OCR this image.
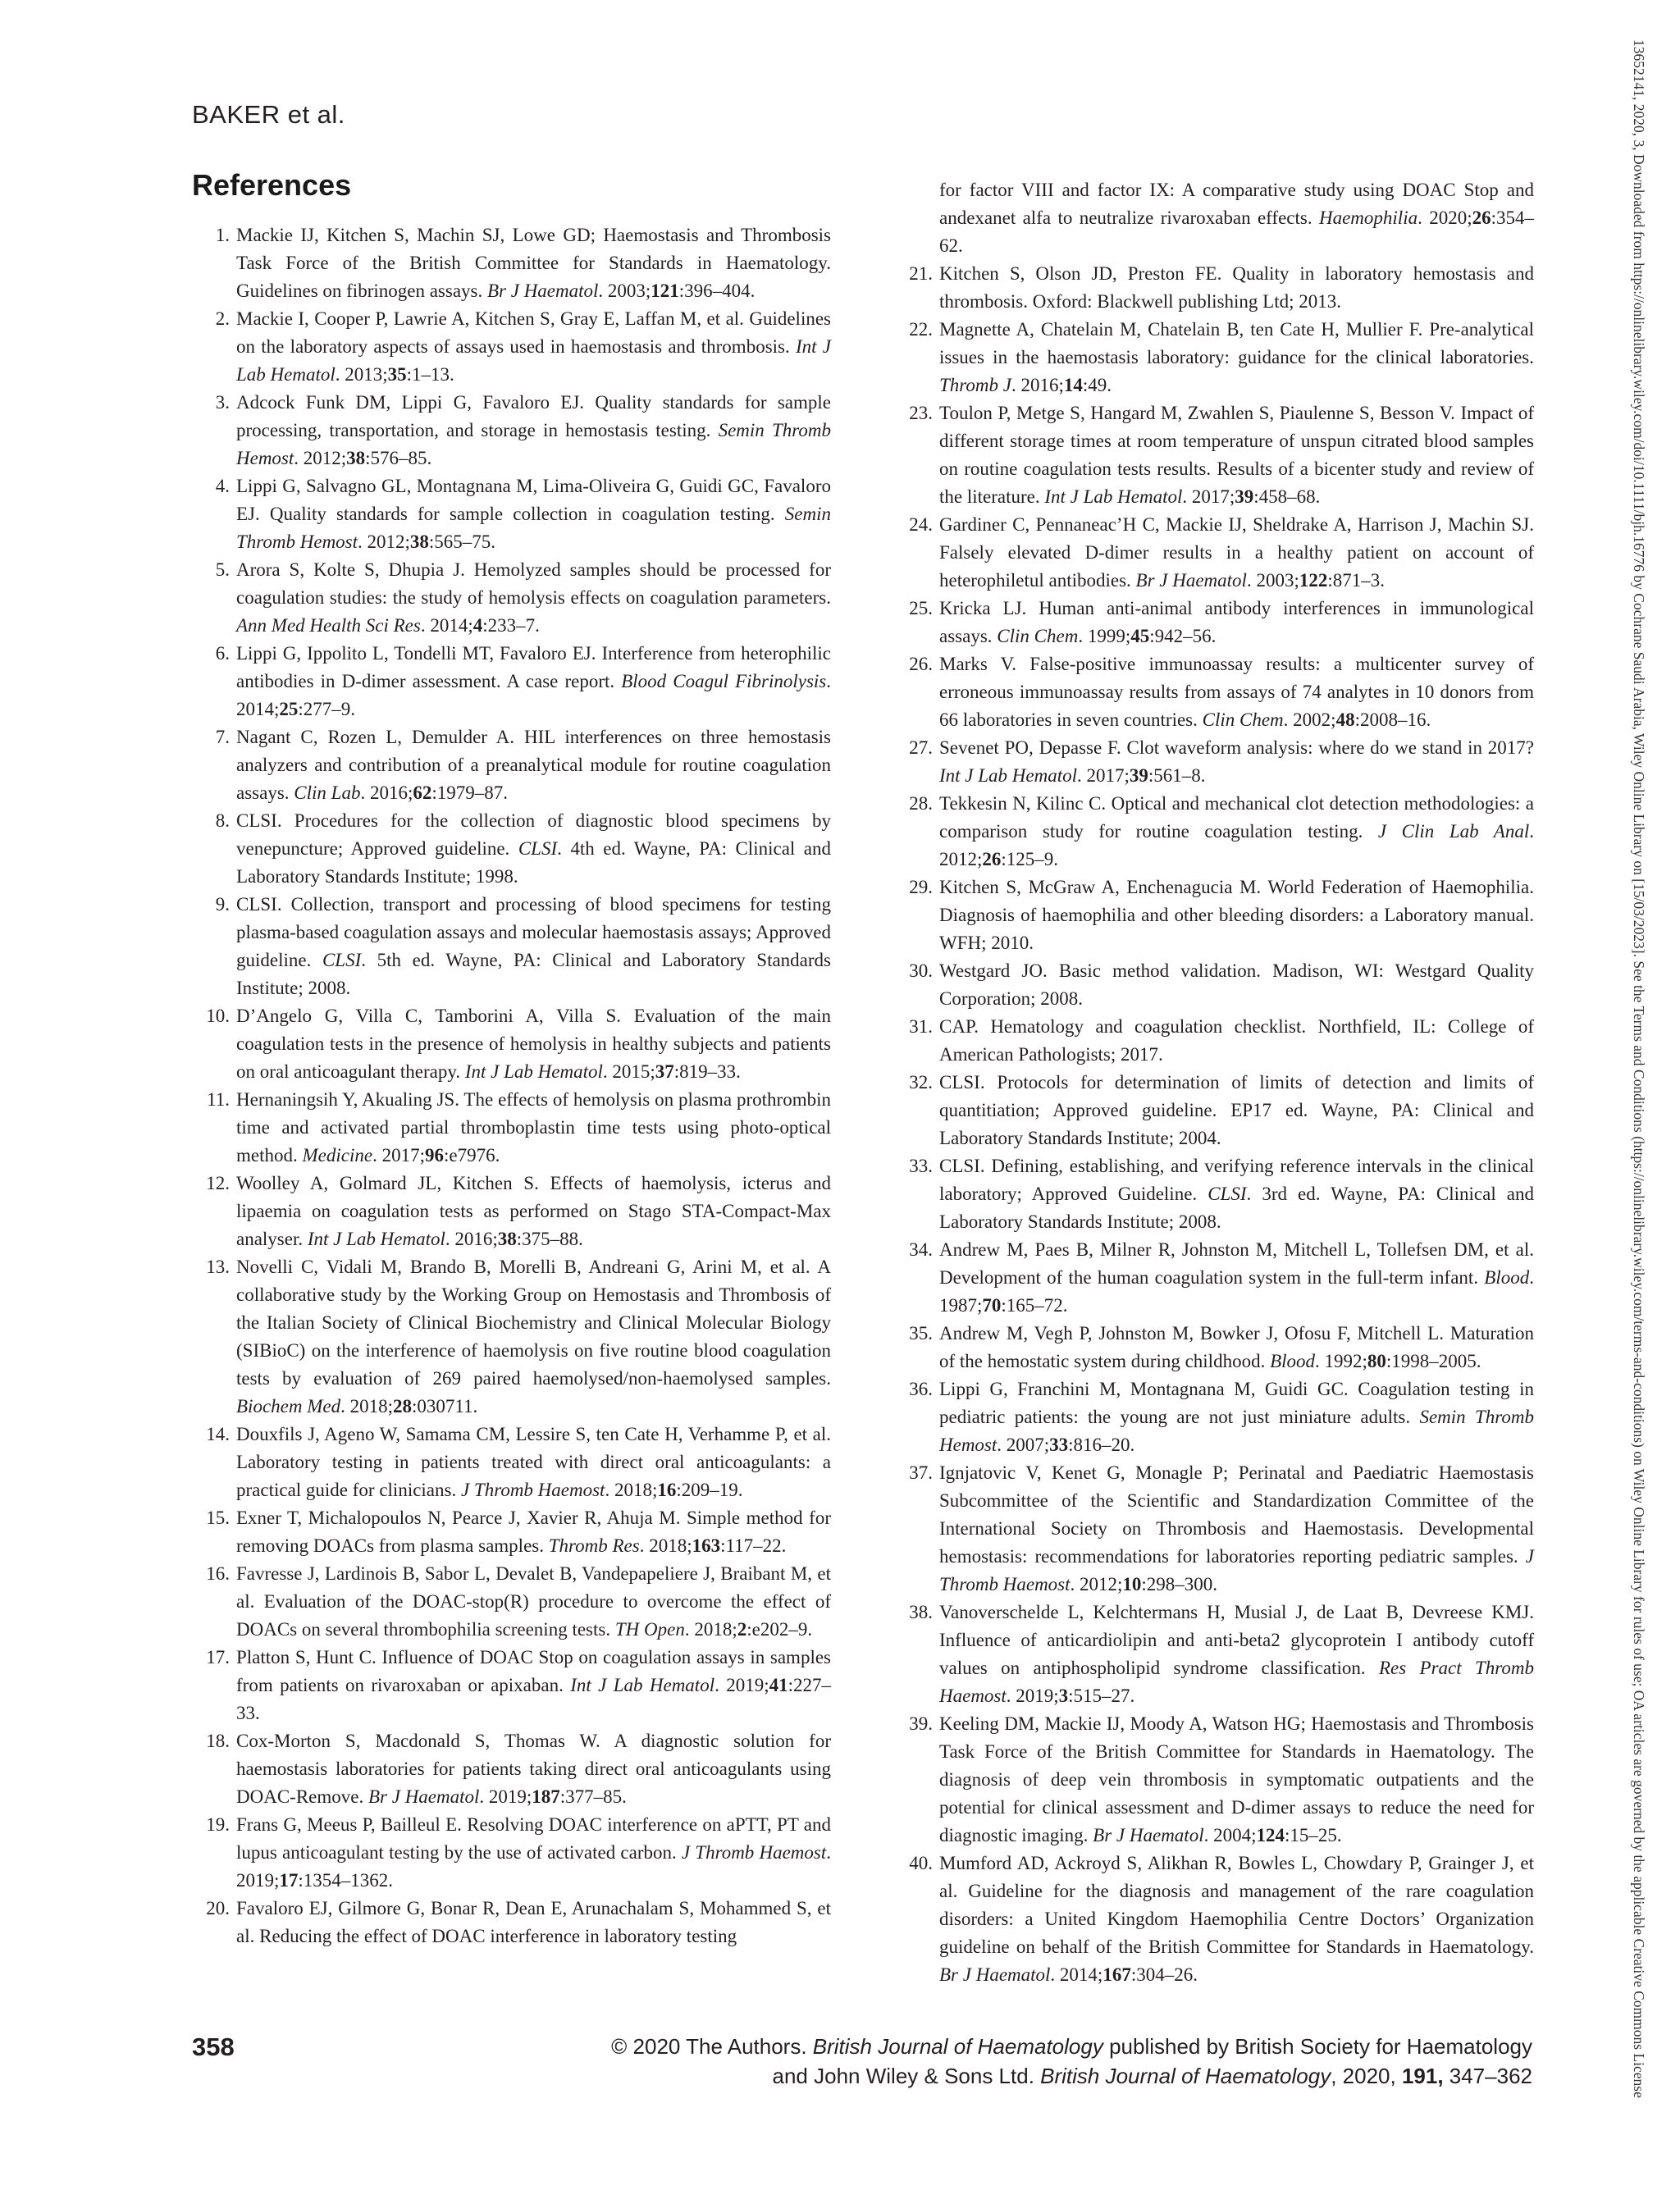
BAKER et al.
References
1. Mackie IJ, Kitchen S, Machin SJ, Lowe GD; Haemostasis and Thrombosis Task Force of the British Committee for Standards in Haematology. Guidelines on fibrinogen assays. Br J Haematol. 2003;121:396–404.
2. Mackie I, Cooper P, Lawrie A, Kitchen S, Gray E, Laffan M, et al. Guidelines on the laboratory aspects of assays used in haemostasis and thrombosis. Int J Lab Hematol. 2013;35:1–13.
3. Adcock Funk DM, Lippi G, Favaloro EJ. Quality standards for sample processing, transportation, and storage in hemostasis testing. Semin Thromb Hemost. 2012;38:576–85.
4. Lippi G, Salvagno GL, Montagnana M, Lima-Oliveira G, Guidi GC, Favaloro EJ. Quality standards for sample collection in coagulation testing. Semin Thromb Hemost. 2012;38:565–75.
5. Arora S, Kolte S, Dhupia J. Hemolyzed samples should be processed for coagulation studies: the study of hemolysis effects on coagulation parameters. Ann Med Health Sci Res. 2014;4:233–7.
6. Lippi G, Ippolito L, Tondelli MT, Favaloro EJ. Interference from heterophilic antibodies in D-dimer assessment. A case report. Blood Coagul Fibrinolysis. 2014;25:277–9.
7. Nagant C, Rozen L, Demulder A. HIL interferences on three hemostasis analyzers and contribution of a preanalytical module for routine coagulation assays. Clin Lab. 2016;62:1979–87.
8. CLSI. Procedures for the collection of diagnostic blood specimens by venepuncture; Approved guideline. CLSI. 4th ed. Wayne, PA: Clinical and Laboratory Standards Institute; 1998.
9. CLSI. Collection, transport and processing of blood specimens for testing plasma-based coagulation assays and molecular haemostasis assays; Approved guideline. CLSI. 5th ed. Wayne, PA: Clinical and Laboratory Standards Institute; 2008.
10. D’Angelo G, Villa C, Tamborini A, Villa S. Evaluation of the main coagulation tests in the presence of hemolysis in healthy subjects and patients on oral anticoagulant therapy. Int J Lab Hematol. 2015;37:819–33.
11. Hernaningsih Y, Akualing JS. The effects of hemolysis on plasma prothrombin time and activated partial thromboplastin time tests using photo-optical method. Medicine. 2017;96:e7976.
12. Woolley A, Golmard JL, Kitchen S. Effects of haemolysis, icterus and lipaemia on coagulation tests as performed on Stago STA-Compact-Max analyser. Int J Lab Hematol. 2016;38:375–88.
13. Novelli C, Vidali M, Brando B, Morelli B, Andreani G, Arini M, et al. A collaborative study by the Working Group on Hemostasis and Thrombosis of the Italian Society of Clinical Biochemistry and Clinical Molecular Biology (SIBioC) on the interference of haemolysis on five routine blood coagulation tests by evaluation of 269 paired haemolysed/non-haemolysed samples. Biochem Med. 2018;28:030711.
14. Douxfils J, Ageno W, Samama CM, Lessire S, ten Cate H, Verhamme P, et al. Laboratory testing in patients treated with direct oral anticoagulants: a practical guide for clinicians. J Thromb Haemost. 2018;16:209–19.
15. Exner T, Michalopoulos N, Pearce J, Xavier R, Ahuja M. Simple method for removing DOACs from plasma samples. Thromb Res. 2018;163:117–22.
16. Favresse J, Lardinois B, Sabor L, Devalet B, Vandepapeliere J, Braibant M, et al. Evaluation of the DOAC-stop(R) procedure to overcome the effect of DOACs on several thrombophilia screening tests. TH Open. 2018;2:e202–9.
17. Platton S, Hunt C. Influence of DOAC Stop on coagulation assays in samples from patients on rivaroxaban or apixaban. Int J Lab Hematol. 2019;41:227–33.
18. Cox-Morton S, Macdonald S, Thomas W. A diagnostic solution for haemostasis laboratories for patients taking direct oral anticoagulants using DOAC-Remove. Br J Haematol. 2019;187:377–85.
19. Frans G, Meeus P, Bailleul E. Resolving DOAC interference on aPTT, PT and lupus anticoagulant testing by the use of activated carbon. J Thromb Haemost. 2019;17:1354–1362.
20. Favaloro EJ, Gilmore G, Bonar R, Dean E, Arunachalam S, Mohammed S, et al. Reducing the effect of DOAC interference in laboratory testing
for factor VIII and factor IX: A comparative study using DOAC Stop and andexanet alfa to neutralize rivaroxaban effects. Haemophilia. 2020;26:354–62.
21. Kitchen S, Olson JD, Preston FE. Quality in laboratory hemostasis and thrombosis. Oxford: Blackwell publishing Ltd; 2013.
22. Magnette A, Chatelain M, Chatelain B, ten Cate H, Mullier F. Pre-analytical issues in the haemostasis laboratory: guidance for the clinical laboratories. Thromb J. 2016;14:49.
23. Toulon P, Metge S, Hangard M, Zwahlen S, Piaulenne S, Besson V. Impact of different storage times at room temperature of unspun citrated blood samples on routine coagulation tests results. Results of a bicenter study and review of the literature. Int J Lab Hematol. 2017;39:458–68.
24. Gardiner C, Pennaneac’H C, Mackie IJ, Sheldrake A, Harrison J, Machin SJ. Falsely elevated D-dimer results in a healthy patient on account of heterophiletul antibodies. Br J Haematol. 2003;122:871–3.
25. Kricka LJ. Human anti-animal antibody interferences in immunological assays. Clin Chem. 1999;45:942–56.
26. Marks V. False-positive immunoassay results: a multicenter survey of erroneous immunoassay results from assays of 74 analytes in 10 donors from 66 laboratories in seven countries. Clin Chem. 2002;48:2008–16.
27. Sevenet PO, Depasse F. Clot waveform analysis: where do we stand in 2017? Int J Lab Hematol. 2017;39:561–8.
28. Tekkesin N, Kilinc C. Optical and mechanical clot detection methodologies: a comparison study for routine coagulation testing. J Clin Lab Anal. 2012;26:125–9.
29. Kitchen S, McGraw A, Enchenagucia M. World Federation of Haemophilia. Diagnosis of haemophilia and other bleeding disorders: a Laboratory manual. WFH; 2010.
30. Westgard JO. Basic method validation. Madison, WI: Westgard Quality Corporation; 2008.
31. CAP. Hematology and coagulation checklist. Northfield, IL: College of American Pathologists; 2017.
32. CLSI. Protocols for determination of limits of detection and limits of quantitiation; Approved guideline. EP17 ed. Wayne, PA: Clinical and Laboratory Standards Institute; 2004.
33. CLSI. Defining, establishing, and verifying reference intervals in the clinical laboratory; Approved Guideline. CLSI. 3rd ed. Wayne, PA: Clinical and Laboratory Standards Institute; 2008.
34. Andrew M, Paes B, Milner R, Johnston M, Mitchell L, Tollefsen DM, et al. Development of the human coagulation system in the full-term infant. Blood. 1987;70:165–72.
35. Andrew M, Vegh P, Johnston M, Bowker J, Ofosu F, Mitchell L. Maturation of the hemostatic system during childhood. Blood. 1992;80:1998–2005.
36. Lippi G, Franchini M, Montagnana M, Guidi GC. Coagulation testing in pediatric patients: the young are not just miniature adults. Semin Thromb Hemost. 2007;33:816–20.
37. Ignjatovic V, Kenet G, Monagle P; Perinatal and Paediatric Haemostasis Subcommittee of the Scientific and Standardization Committee of the International Society on Thrombosis and Haemostasis. Developmental hemostasis: recommendations for laboratories reporting pediatric samples. J Thromb Haemost. 2012;10:298–300.
38. Vanoverschelde L, Kelchtermans H, Musial J, de Laat B, Devreese KMJ. Influence of anticardiolipin and anti-beta2 glycoprotein I antibody cutoff values on antiphospholipid syndrome classification. Res Pract Thromb Haemost. 2019;3:515–27.
39. Keeling DM, Mackie IJ, Moody A, Watson HG; Haemostasis and Thrombosis Task Force of the British Committee for Standards in Haematology. The diagnosis of deep vein thrombosis in symptomatic outpatients and the potential for clinical assessment and D-dimer assays to reduce the need for diagnostic imaging. Br J Haematol. 2004;124:15–25.
40. Mumford AD, Ackroyd S, Alikhan R, Bowles L, Chowdary P, Grainger J, et al. Guideline for the diagnosis and management of the rare coagulation disorders: a United Kingdom Haemophilia Centre Doctors’ Organization guideline on behalf of the British Committee for Standards in Haematology. Br J Haematol. 2014;167:304–26.
358	© 2020 The Authors. British Journal of Haematology published by British Society for Haematology
and John Wiley & Sons Ltd. British Journal of Haematology, 2020, 191, 347–362	13652141, 2020, 3, Downloaded from https://onlinelibrary.wiley.com/doi/10.1111/bjh.16776 by Cochrane Saudi Arabia, Wiley Online Library on [15/03/2023]. See the Terms and Conditions (https://onlinelibrary.wiley.com/terms-and-conditions) on Wiley Online Library for rules of use; OA articles are governed by the applicable Creative Commons License
